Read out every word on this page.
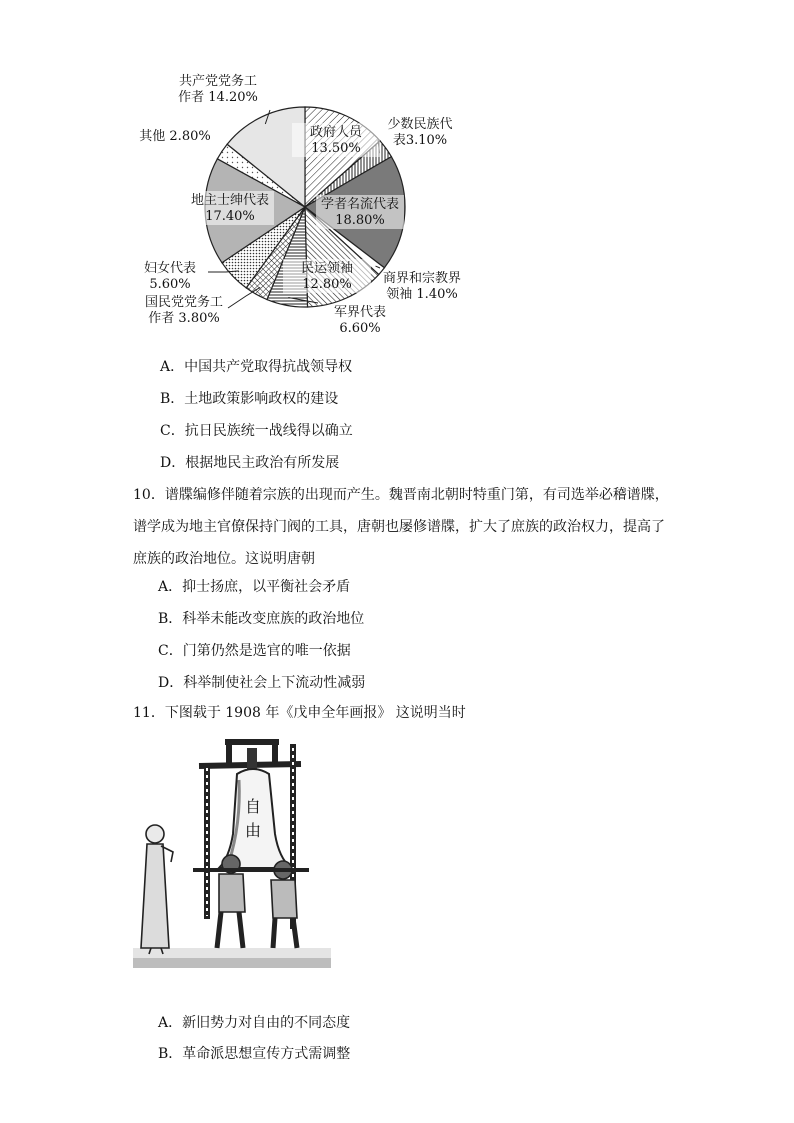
政府人员 13.50%
少数民族代表3.10%
学者名流代表 18.80%
商界和宗教界领袖 1.40%
民运领袖 12.80%
军界代表 6.60%
国民党党务工作者 3.80%
妇女代表 5.60%
地主士绅代表 17.40%
其他 2.80%
共产党党务工作者 14.20%
A．中国共产党取得抗战领导权
B．土地政策影响政权的建设
C．抗日民族统一战线得以确立
D．根据地民主政治有所发展
10．谱牒编修伴随着宗族的出现而产生。魏晋南北朝时特重门第，有司选举必稽谱牒，
谱学成为地主官僚保持门阀的工具，唐朝也屡修谱牒，扩大了庶族的政治权力，提高了
庶族的政治地位。这说明唐朝
A．抑士扬庶，以平衡社会矛盾
B．科举未能改变庶族的政治地位
C．门第仍然是选官的唯一依据
D．科举制使社会上下流动性减弱
11．下图载于 1908 年《戊申全年画报》 这说明当时
自
由
A．新旧势力对自由的不同态度
B．革命派思想宣传方式需调整
